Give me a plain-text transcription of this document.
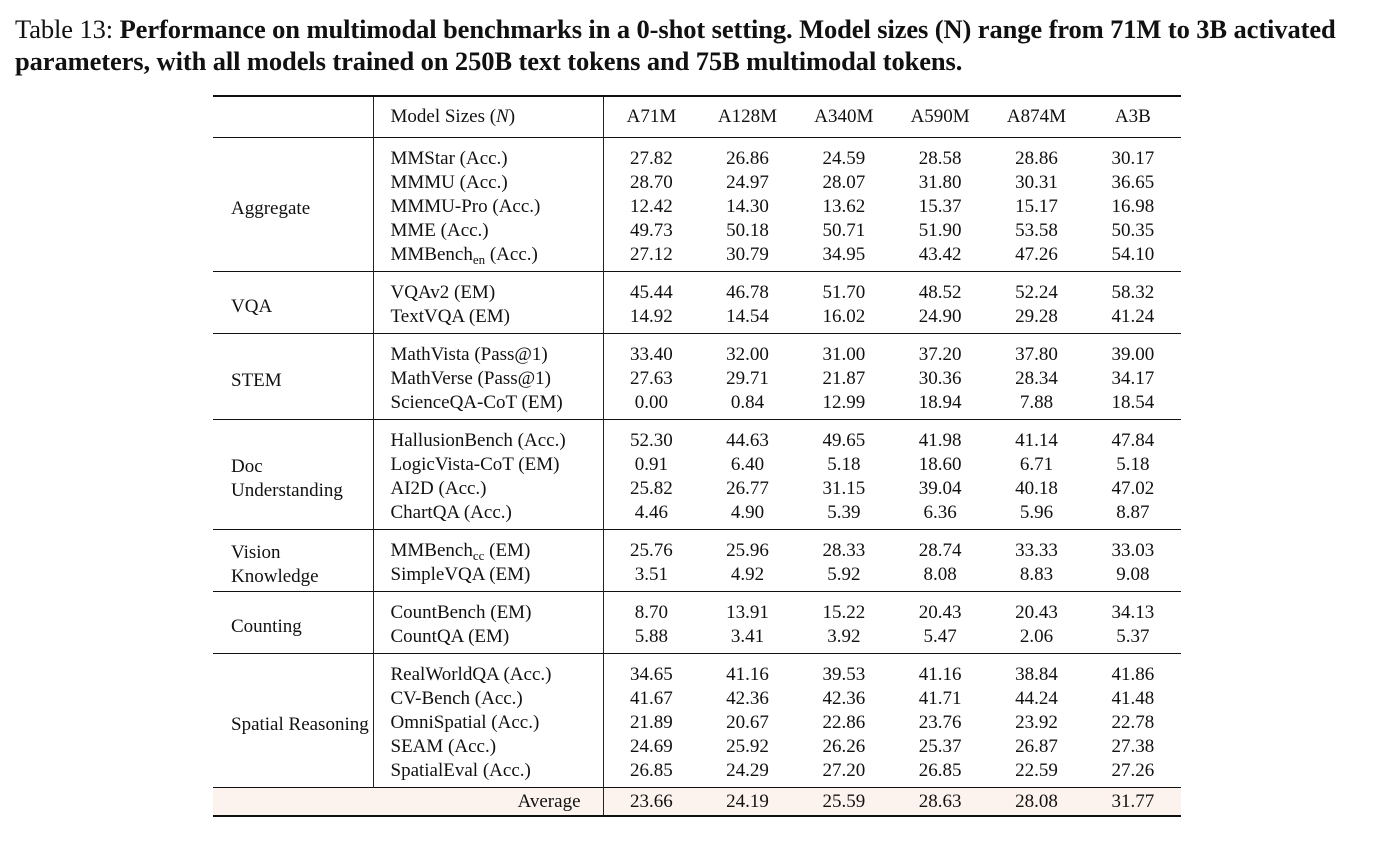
Table 13: Performance on multimodal benchmarks in a 0-shot setting. Model sizes (N) range from 71M to 3B activated parameters, with all models trained on 250B text tokens and 75B multimodal tokens.
	Model Sizes (N)	A71M	A128M	A340M	A590M	A874M	A3B
Aggregate	MMStar (Acc.)	27.82	26.86	24.59	28.58	28.86	30.17
	MMMU (Acc.)	28.70	24.97	28.07	31.80	30.31	36.65
	MMMU-Pro (Acc.)	12.42	14.30	13.62	15.37	15.17	16.98
	MME (Acc.)	49.73	50.18	50.71	51.90	53.58	50.35
	MMBench$_{en}$ (Acc.)	27.12	30.79	34.95	43.42	47.26	54.10
VQA	VQAv2 (EM)	45.44	46.78	51.70	48.52	52.24	58.32
	TextVQA (EM)	14.92	14.54	16.02	24.90	29.28	41.24
STEM	MathVista (Pass@1)	33.40	32.00	31.00	37.20	37.80	39.00
	MathVerse (Pass@1)	27.63	29.71	21.87	30.36	28.34	34.17
	ScienceQA-CoT (EM)	0.00	0.84	12.99	18.94	7.88	18.54
Doc Understanding	HallusionBench (Acc.)	52.30	44.63	49.65	41.98	41.14	47.84
	LogicVista-CoT (EM)	0.91	6.40	5.18	18.60	6.71	5.18
	AI2D (Acc.)	25.82	26.77	31.15	39.04	40.18	47.02
	ChartQA (Acc.)	4.46	4.90	5.39	6.36	5.96	8.87
Vision Knowledge	MMBench$_{cc}$ (EM)	25.76	25.96	28.33	28.74	33.33	33.03
	SimpleVQA (EM)	3.51	4.92	5.92	8.08	8.83	9.08
Counting	CountBench (EM)	8.70	13.91	15.22	20.43	20.43	34.13
	CountQA (EM)	5.88	3.41	3.92	5.47	2.06	5.37
Spatial Reasoning	RealWorldQA (Acc.)	34.65	41.16	39.53	41.16	38.84	41.86
	CV-Bench (Acc.)	41.67	42.36	42.36	41.71	44.24	41.48
	OmniSpatial (Acc.)	21.89	20.67	22.86	23.76	23.92	22.78
	SEAM (Acc.)	24.69	25.92	26.26	25.37	26.87	27.38
	SpatialEval (Acc.)	26.85	24.29	27.20	26.85	22.59	27.26
Average		23.66	24.19	25.59	28.63	28.08	31.77
